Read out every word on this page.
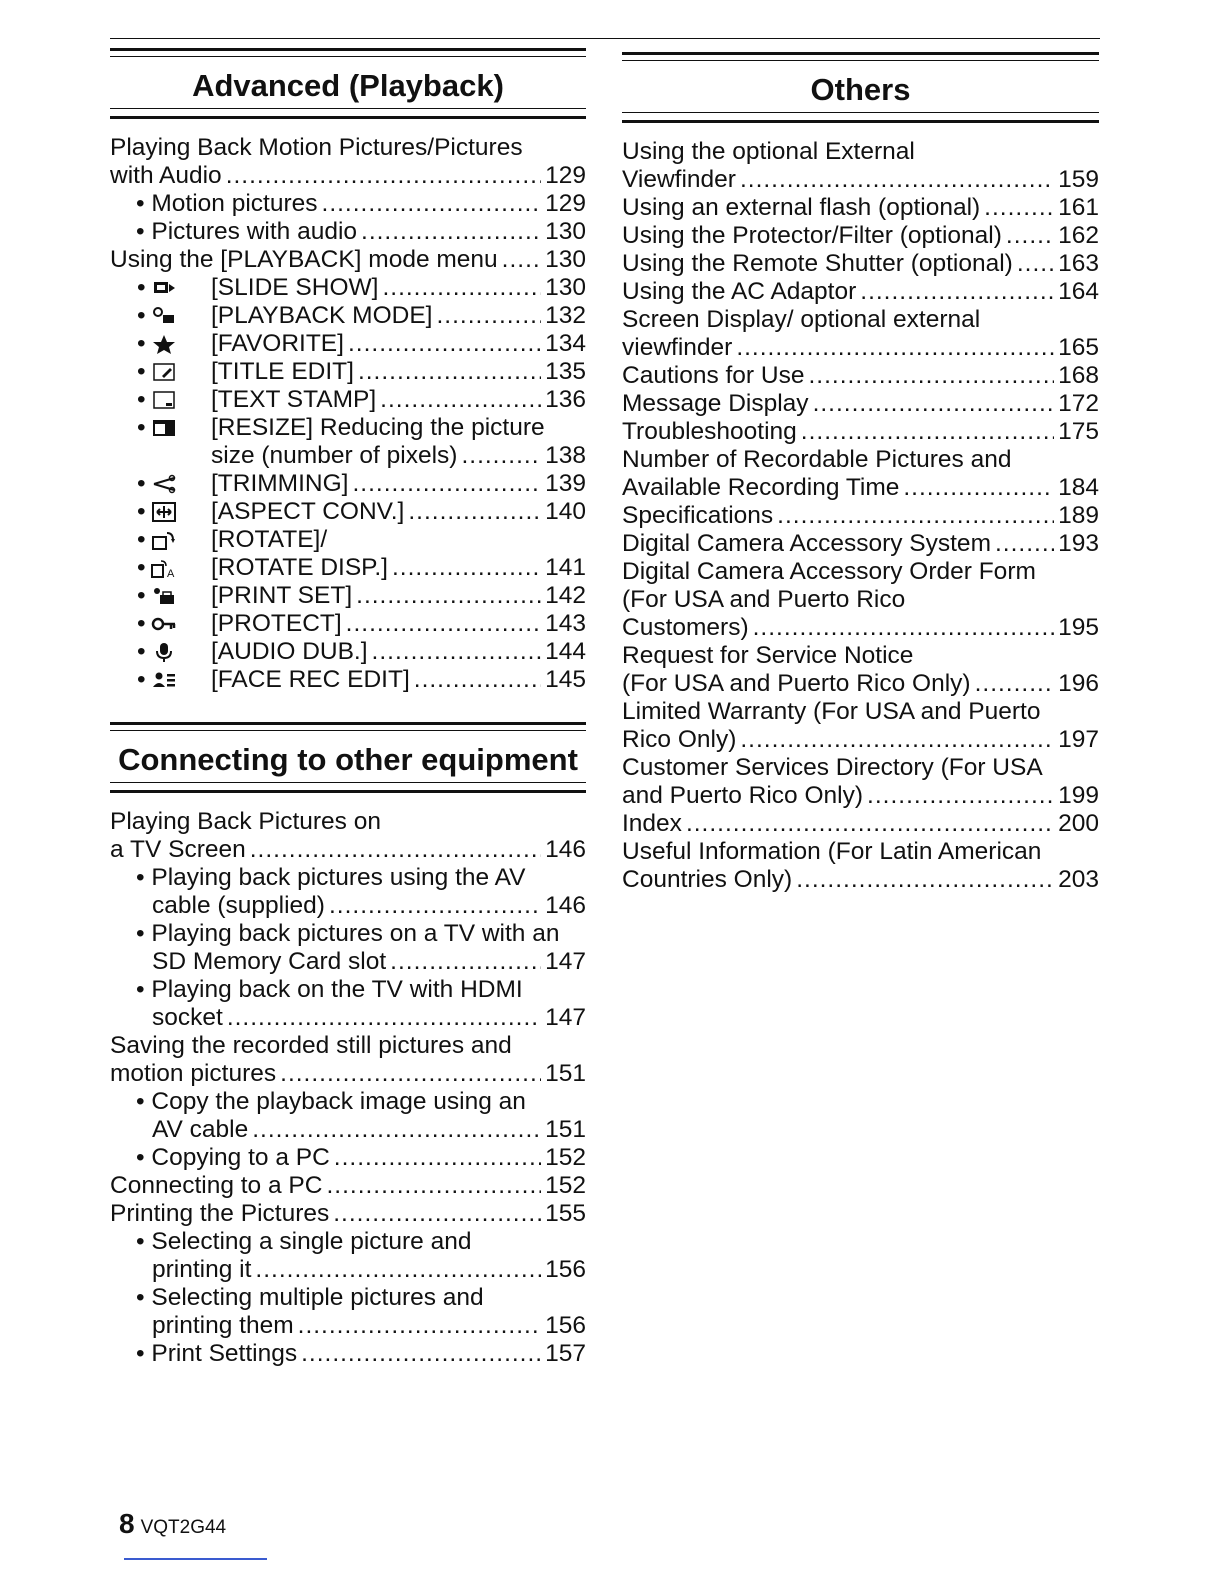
Advanced (Playback)
Playing Back Motion Pictures/Pictures
with Audio .....	129
• Motion pictures .....	129
• Pictures with audio .....	130
Using the [PLAYBACK] mode menu ..... 130
•	[SLIDE SHOW] .....	130
•	[PLAYBACK MODE] .....	132
•	[FAVORITE] .....	134
•	[TITLE EDIT] .....	135
•	[TEXT STAMP] .....	136
•	[RESIZE] Reducing the picture
size (number of pixels) .....	138
•	[TRIMMING] .....	139
•	[ASPECT CONV.] .....	140
•	[ROTATE]/
• A [ROTATE DISP.] .....	141
•	[PRINT SET] .....	142
•	[PROTECT] .....	143
•	[AUDIO DUB.] .....	144
•	[FACE REC EDIT] .....	145
Connecting to other equipment
Playing Back Pictures on
a TV Screen .....	146
• Playing back pictures using the AV
cable (supplied) .....	146
• Playing back pictures on a TV with an
SD Memory Card slot .....	147
• Playing back on the TV with HDMI
socket .....	147
Saving the recorded still pictures and
motion pictures .....	151
• Copy the playback image using an
AV cable .....	151
• Copying to a PC .....	152
Connecting to a PC .....	152
Printing the Pictures .....	155
• Selecting a single picture and
printing it .....	156
• Selecting multiple pictures and
printing them .....	156
• Print Settings .....	157
Others
Using the optional External
Viewfinder .....	159
Using an external flash (optional) .....	161
Using the Protector/Filter (optional) ..... 162
Using the Remote Shutter (optional) ..... 163
Using the AC Adaptor .....	164
Screen Display/ optional external
viewfinder .....	165
Cautions for Use .....	168
Message Display .....	172
Troubleshooting .....	175
Number of Recordable Pictures and
Available Recording Time .....	184
Specifications .....	189
Digital Camera Accessory System .....	193
Digital Camera Accessory Order Form
(For USA and Puerto Rico
Customers) .....	195
Request for Service Notice
(For USA and Puerto Rico Only) .....	196
Limited Warranty (For USA and Puerto
Rico Only) .....	197
Customer Services Directory (For USA
and Puerto Rico Only) .....	199
Index .....	200
Useful Information (For Latin American
Countries Only) .....	203
8 VQT2G44
